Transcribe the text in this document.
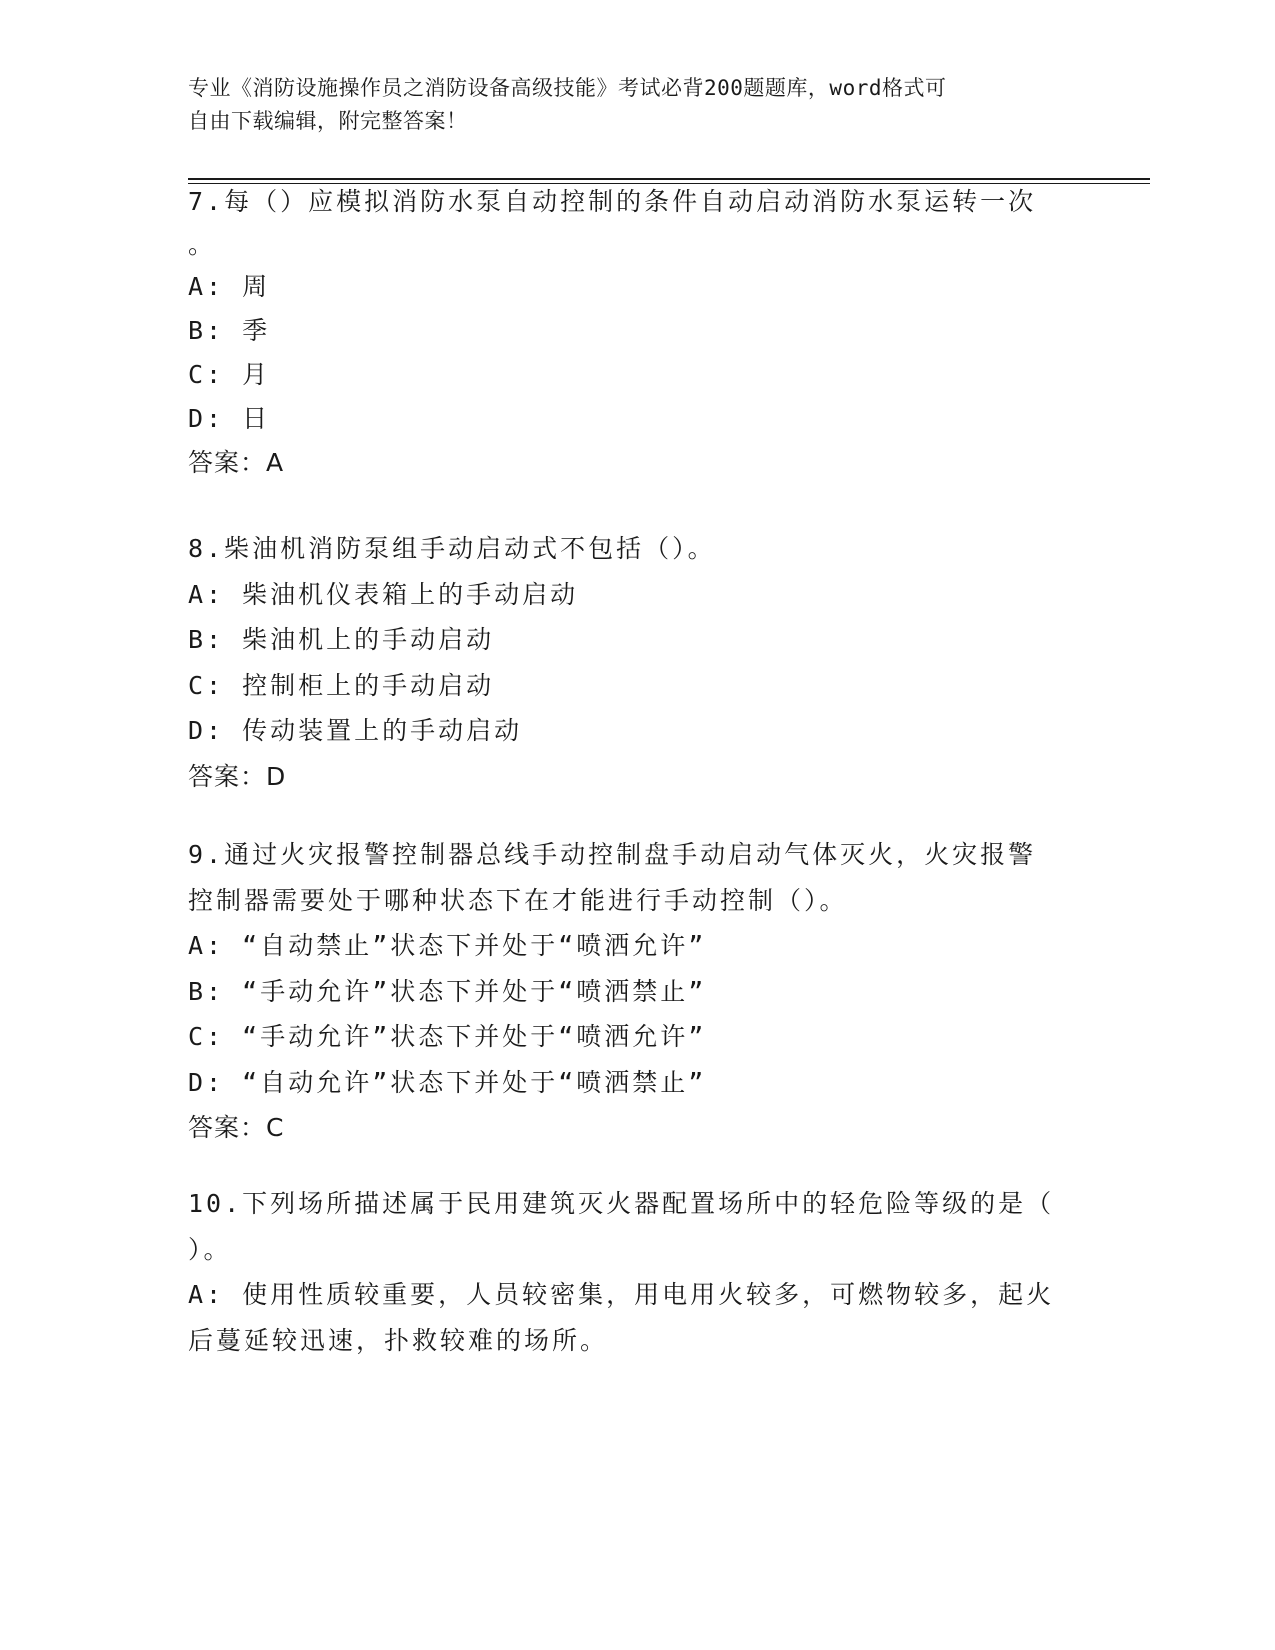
专业《消防设施操作员之消防设备高级技能》考试必背200题题库，word格式可
自由下载编辑，附完整答案！
7.每（）应模拟消防水泵自动控制的条件自动启动消防水泵运转一次
。
A: 周
B: 季
C: 月
D: 日
答案：A
8.柴油机消防泵组手动启动式不包括（）。
A: 柴油机仪表箱上的手动启动
B: 柴油机上的手动启动
C: 控制柜上的手动启动
D: 传动装置上的手动启动
答案：D
9.通过火灾报警控制器总线手动控制盘手动启动气体灭火，火灾报警
控制器需要处于哪种状态下在才能进行手动控制（）。
A: “自动禁止”状态下并处于“喷洒允许”
B: “手动允许”状态下并处于“喷洒禁止”
C: “手动允许”状态下并处于“喷洒允许”
D: “自动允许”状态下并处于“喷洒禁止”
答案：C
10.下列场所描述属于民用建筑灭火器配置场所中的轻危险等级的是（
）。
A: 使用性质较重要，人员较密集，用电用火较多，可燃物较多，起火
后蔓延较迅速，扑救较难的场所。
